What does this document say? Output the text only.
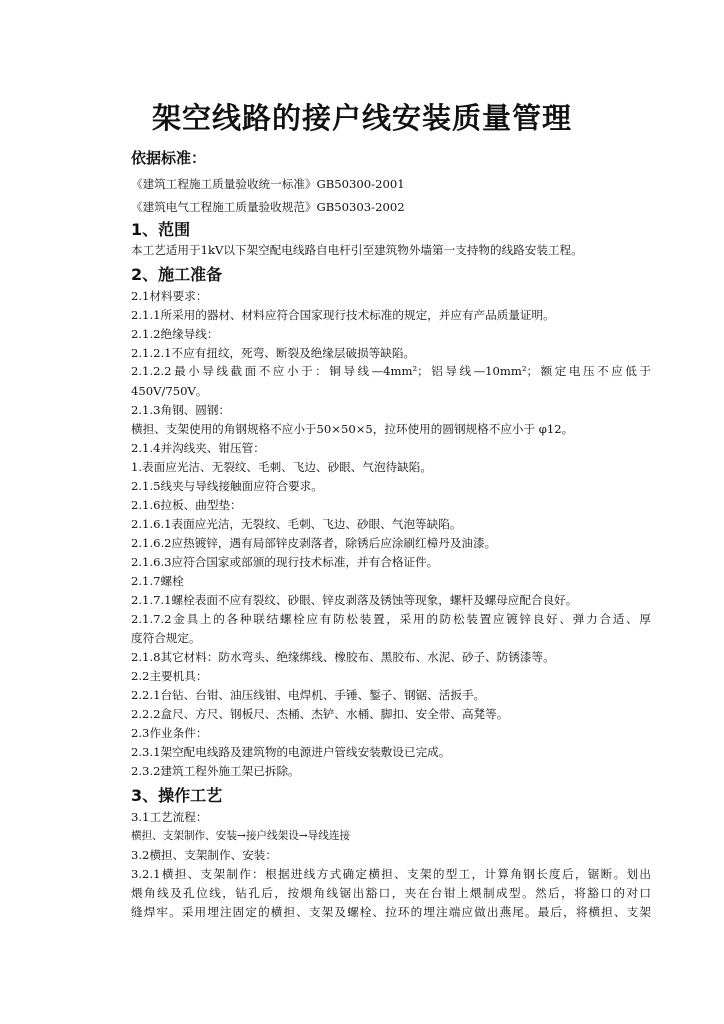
架空线路的接户线安装质量管理
依据标准：
《建筑工程施工质量验收统一标准》GB50300-2001
《建筑电气工程施工质量验收规范》GB50303-2002
1、范围
本工艺适用于1kV以下架空配电线路自电杆引至建筑物外墙第一支持物的线路安装工程。
2、施工准备
2.1材料要求：
2.1.1所采用的器材、材料应符合国家现行技术标准的规定，并应有产品质量证明。
2.1.2绝缘导线：
2.1.2.1不应有扭纹，死弯、断裂及绝缘层破损等缺陷。
2.1.2.2最小导线截面不应小于：铜导线—4mm²；铝导线—10mm²；额定电压不应低于
450V/750V。
2.1.3角钢、圆钢：
横担、支架使用的角钢规格不应小于50×50×5，拉环使用的圆钢规格不应小于 φ12。
2.1.4并沟线夹、钳压管：
1.表面应光洁、无裂纹、毛刺、飞边、砂眼、气泡待缺陷。
2.1.5线夹与导线接触面应符合要求。
2.1.6拉板、曲型垫：
2.1.6.1表面应光洁，无裂纹、毛刺、飞边、砂眼、气泡等缺陷。
2.1.6.2应热镀锌，遇有局部锌皮剥落者，除锈后应涂刷红樟丹及油漆。
2.1.6.3应符合国家或部颁的现行技术标准，并有合格证件。
2.1.7螺栓
2.1.7.1螺栓表面不应有裂纹、砂眼、锌皮剥落及锈蚀等现象，螺杆及螺母应配合良好。
2.1.7.2金具上的各种联结螺栓应有防松装置，采用的防松装置应镀锌良好、弹力合适、厚
度符合规定。
2.1.8其它材料：防水弯头、绝缘绑线、橡胶布、黑胶布、水泥、砂子、防锈漆等。
2.2主要机具：
2.2.1台钻、台钳、油压线钳、电焊机、手锤、錾子、钢锯、活扳手。
2.2.2盒尺、方尺、钢板尺、杰桶、杰铲、水桶、脚扣、安全带、高凳等。
2.3作业条件：
2.3.1架空配电线路及建筑物的电源进户管线安装敷设已完成。
2.3.2建筑工程外施工架已拆除。
3、操作工艺
3.1工艺流程：
横担、支架制作、安装→接户线架设→导线连接
3.2横担、支架制作、安装：
3.2.1横担、支架制作：根据进线方式确定横担、支架的型工，计算角钢长度后，锯断。划出
煨角线及孔位线，钻孔后，按煨角线锯出豁口，夹在台钳上煨制成型。然后，将豁口的对口
缝焊牢。采用埋注固定的横担、支架及螺栓、拉环的埋注端应做出燕尾。最后，将横担、支架
